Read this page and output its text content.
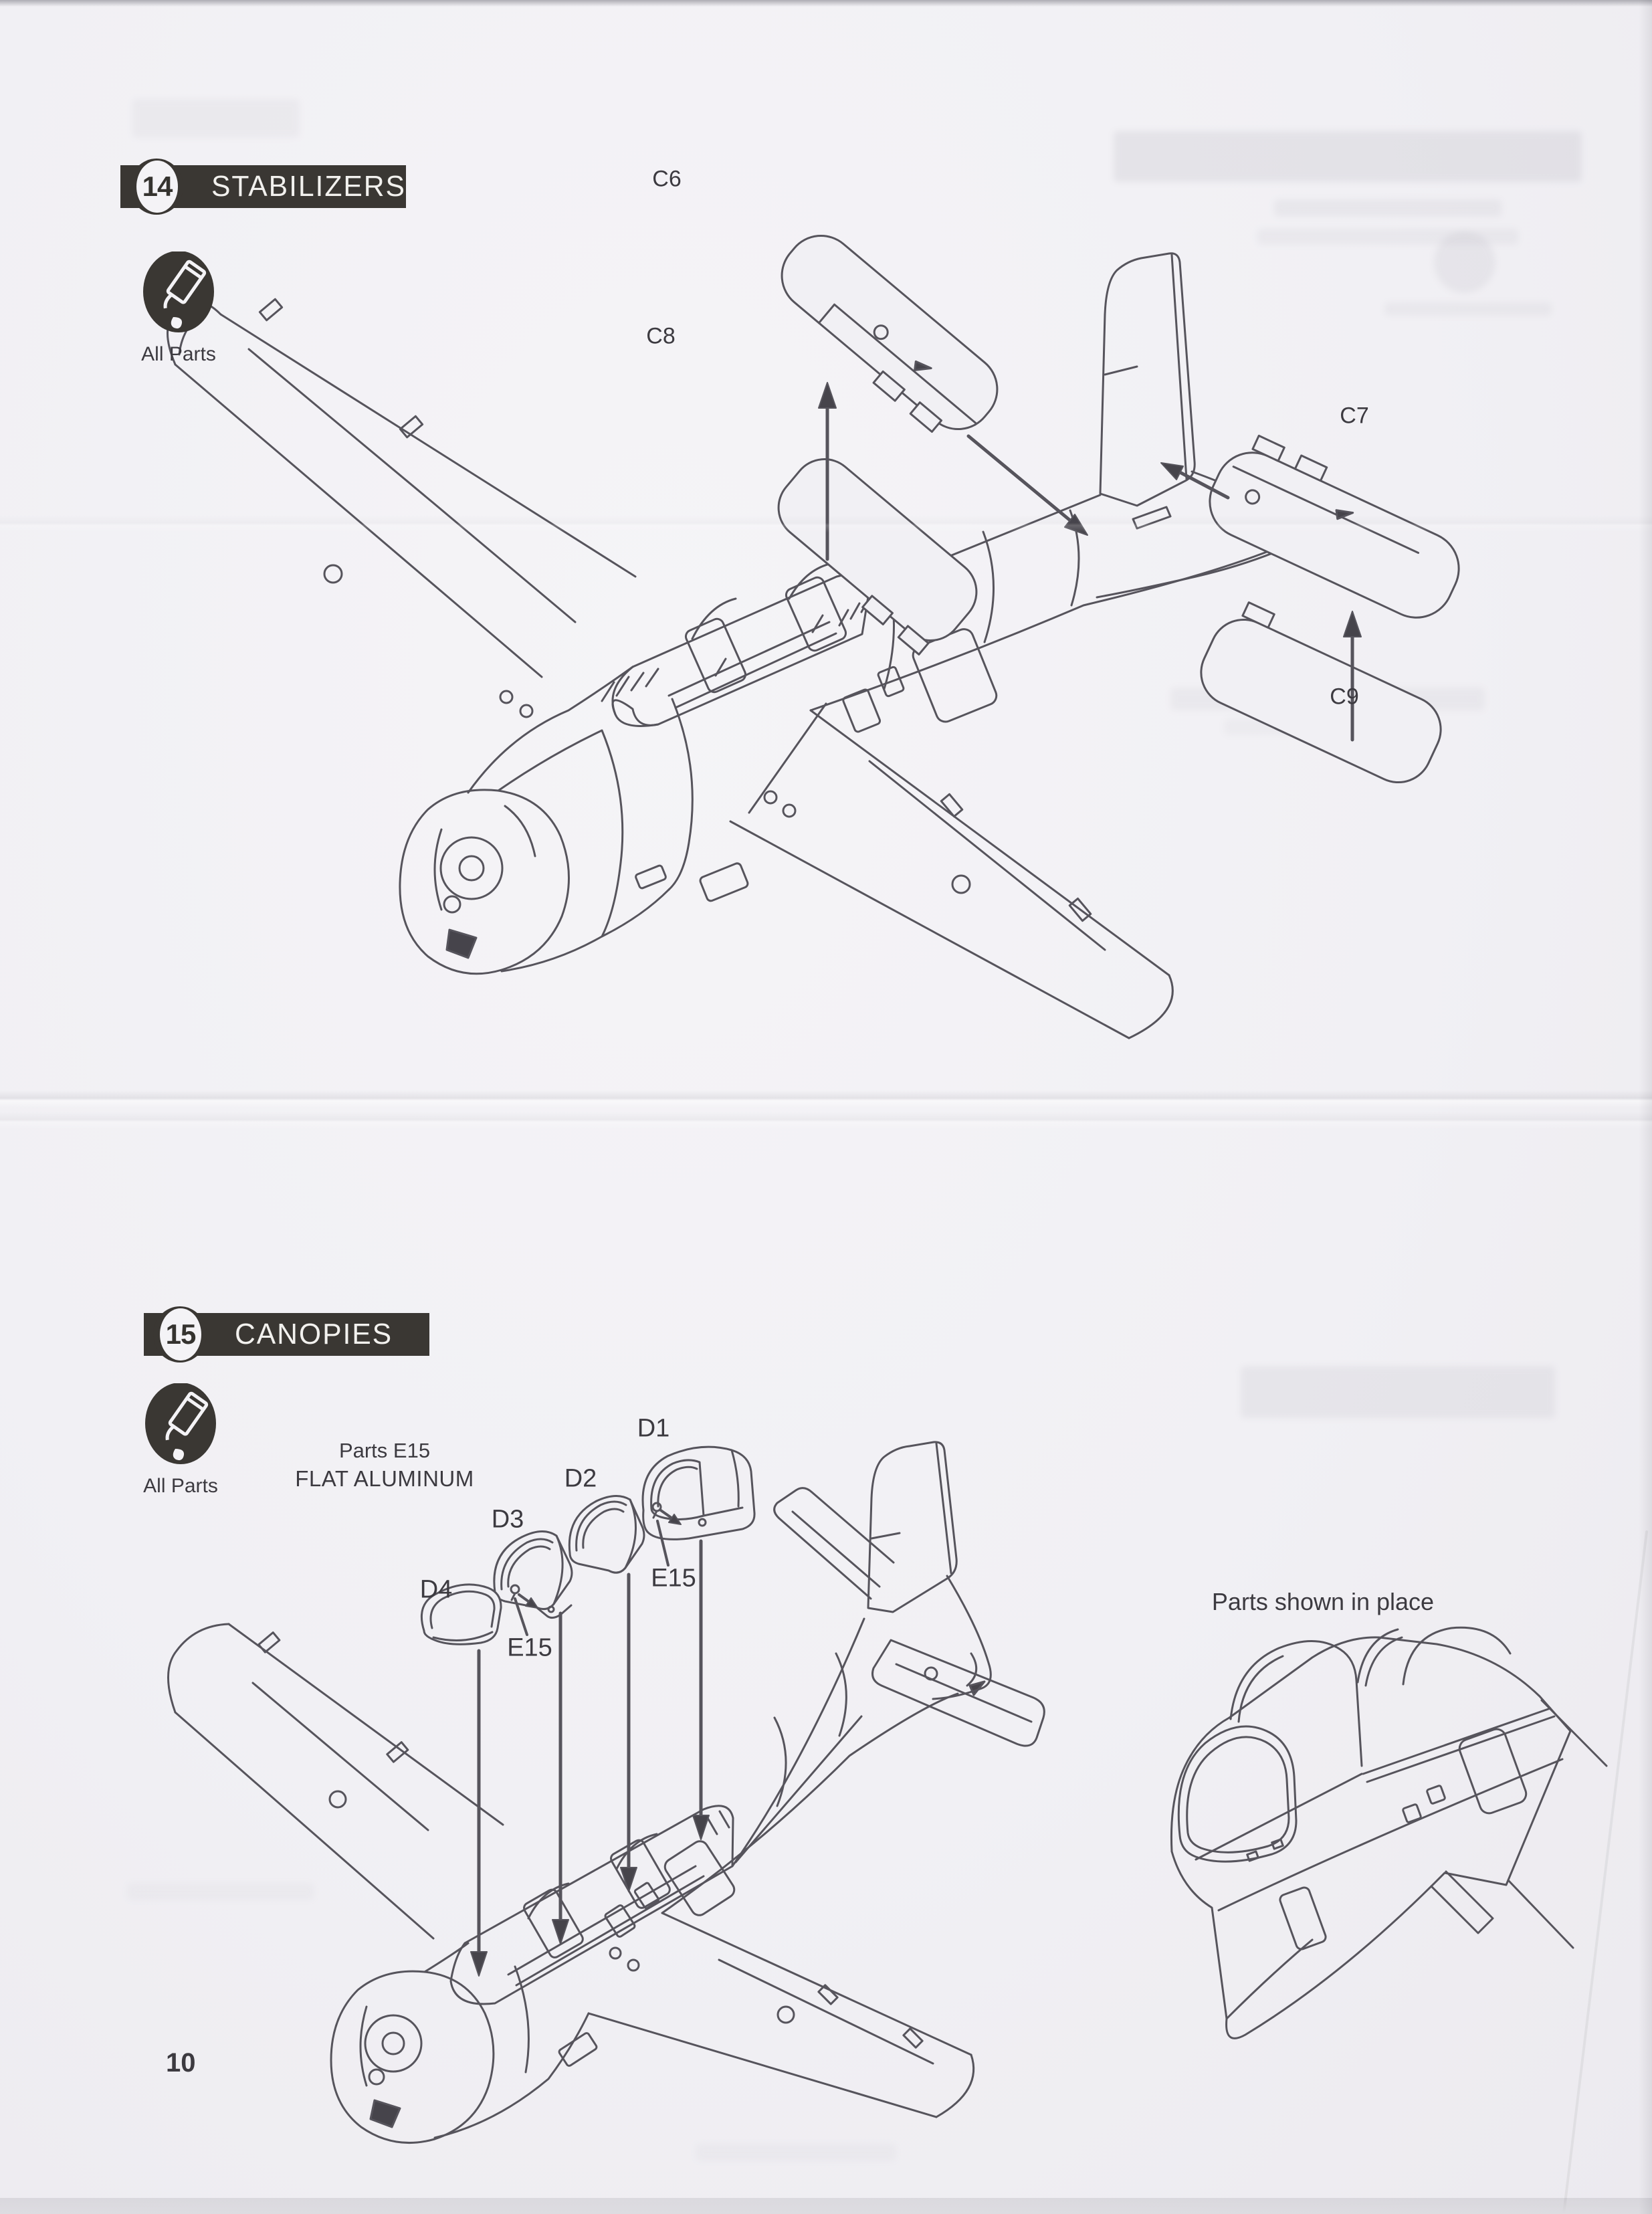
14 STABILIZERS
All Parts
C6
C8
C7
C9
15 CANOPIES
All Parts
Parts E15
FLAT ALUMINUM
D1
D2
D3
D4	E15
E15
Parts shown in place
10
